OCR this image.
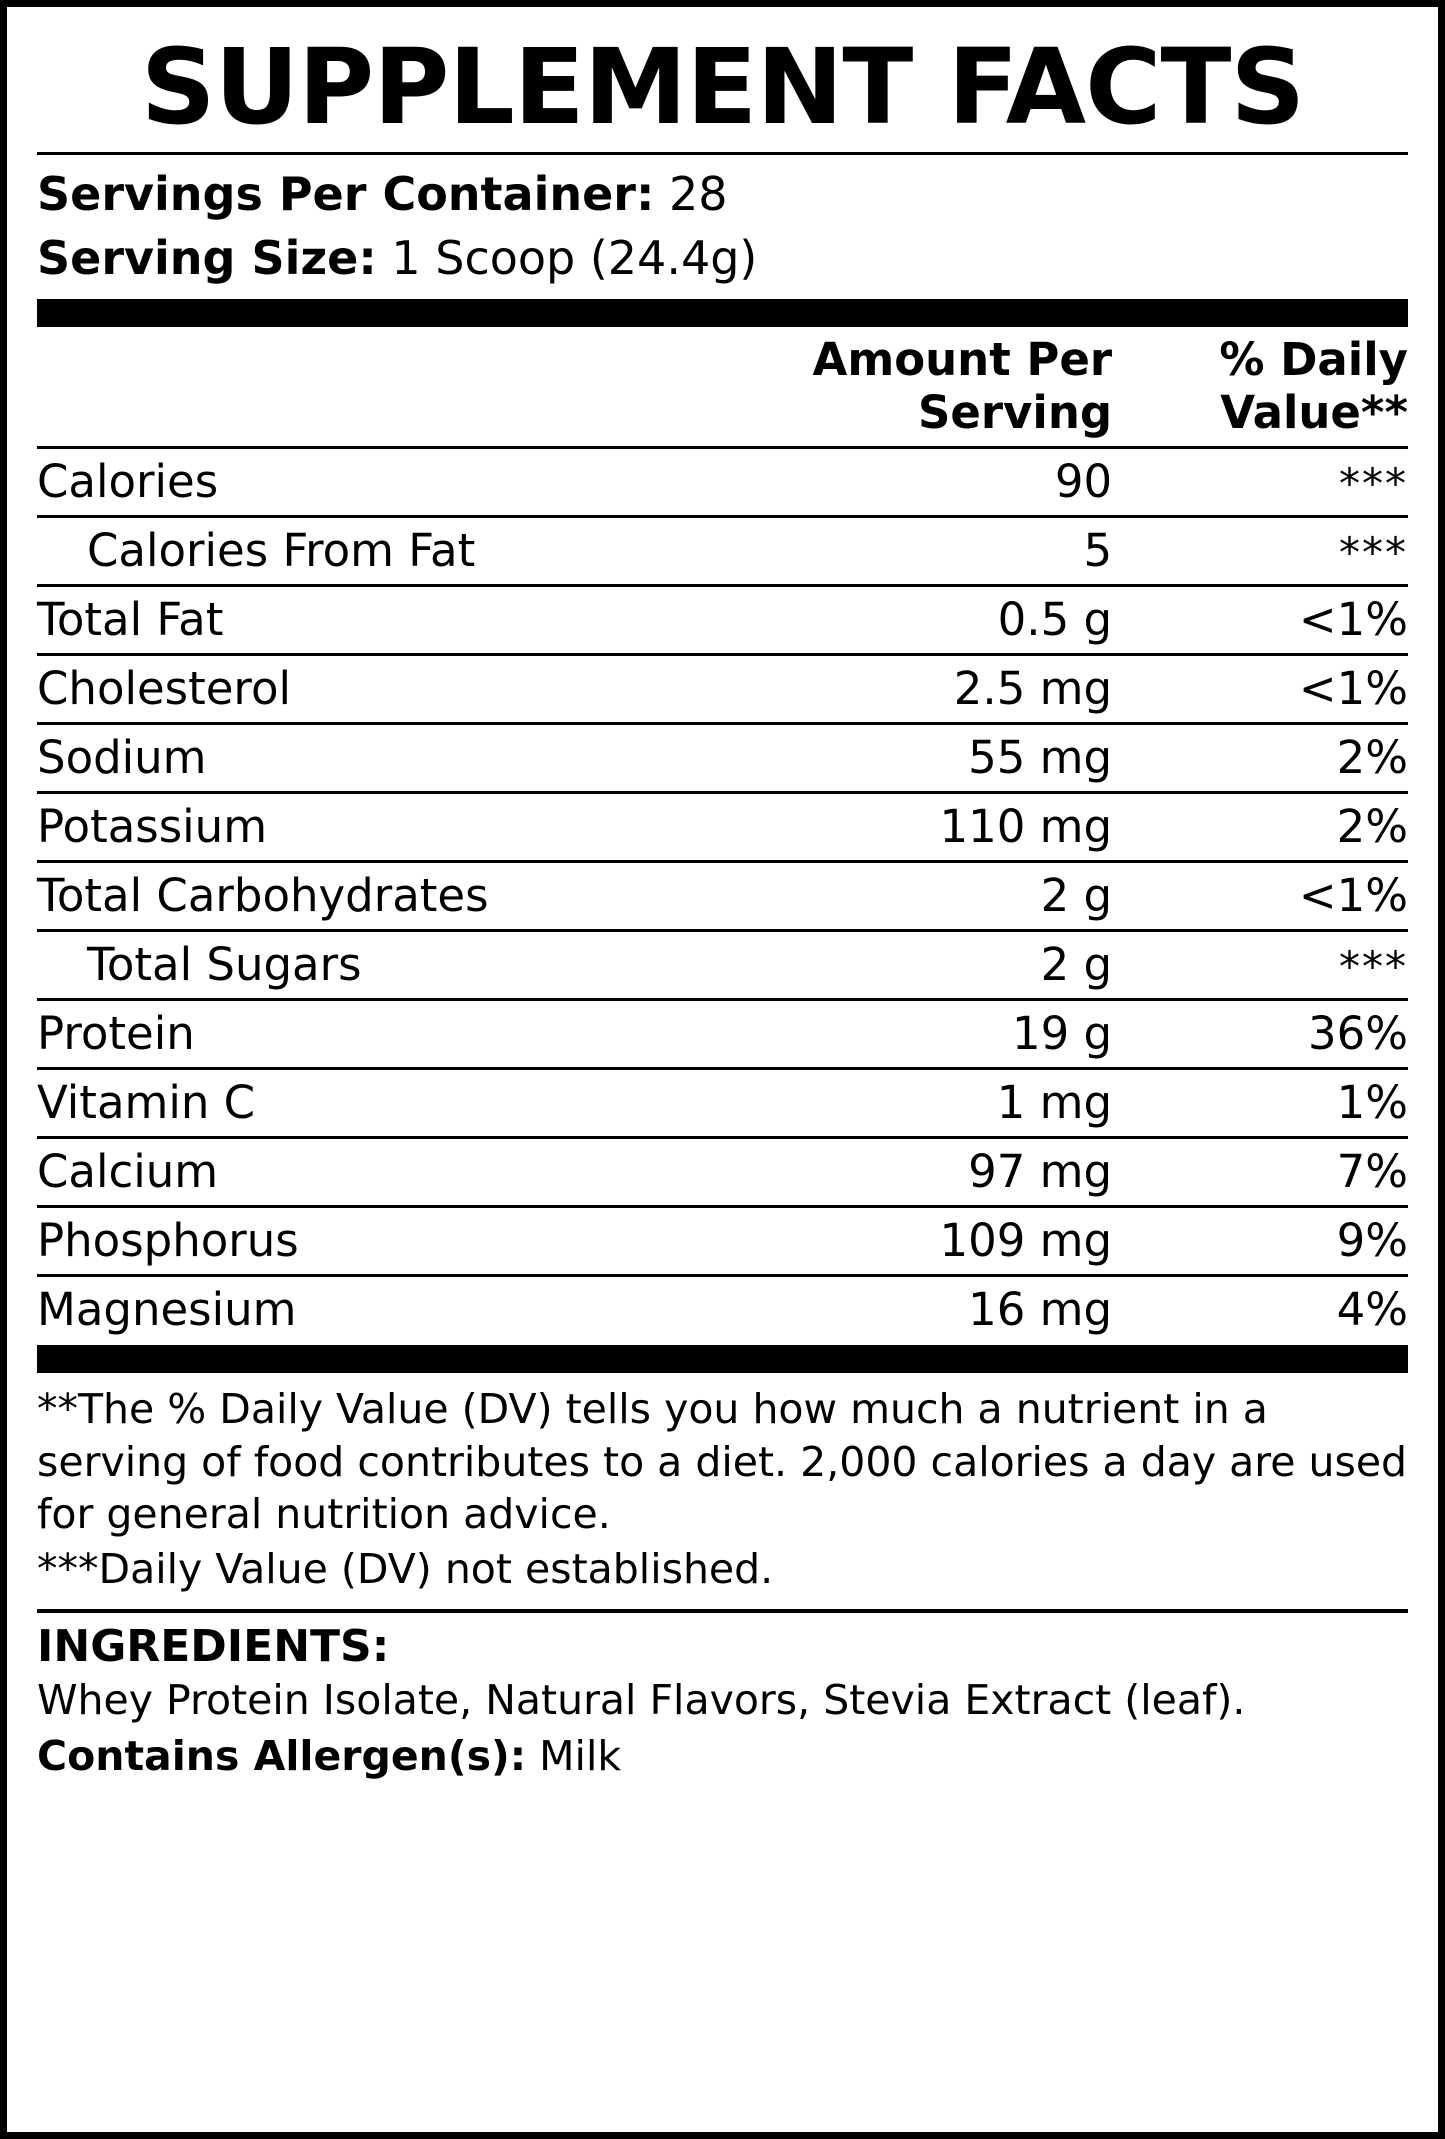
SUPPLEMENT FACTS
Servings Per Container: 28
Serving Size: 1 Scoop (24.4g)
	Amount Per Serving	% Daily Value**

Calories	90	***

Calories From Fat	5	***

Total Fat	0.5 g	<1%

Cholesterol	2.5 mg	<1%

Sodium	55 mg	2%

Potassium	110 mg	2%

Total Carbohydrates	2 g	<1%

Total Sugars	2 g	***

Protein	19 g	36%

Vitamin C	1 mg	1%

Calcium	97 mg	7%

Phosphorus	109 mg	9%

Magnesium	16 mg	4%

**The % Daily Value (DV) tells you how much a nutrient in a serving of food contributes to a diet. 2,000 calories a day are used for general nutrition advice.

***Daily Value (DV) not established.

INGREDIENTS:
Whey Protein Isolate, Natural Flavors, Stevia Extract (leaf).
Contains Allergen(s): Milk
